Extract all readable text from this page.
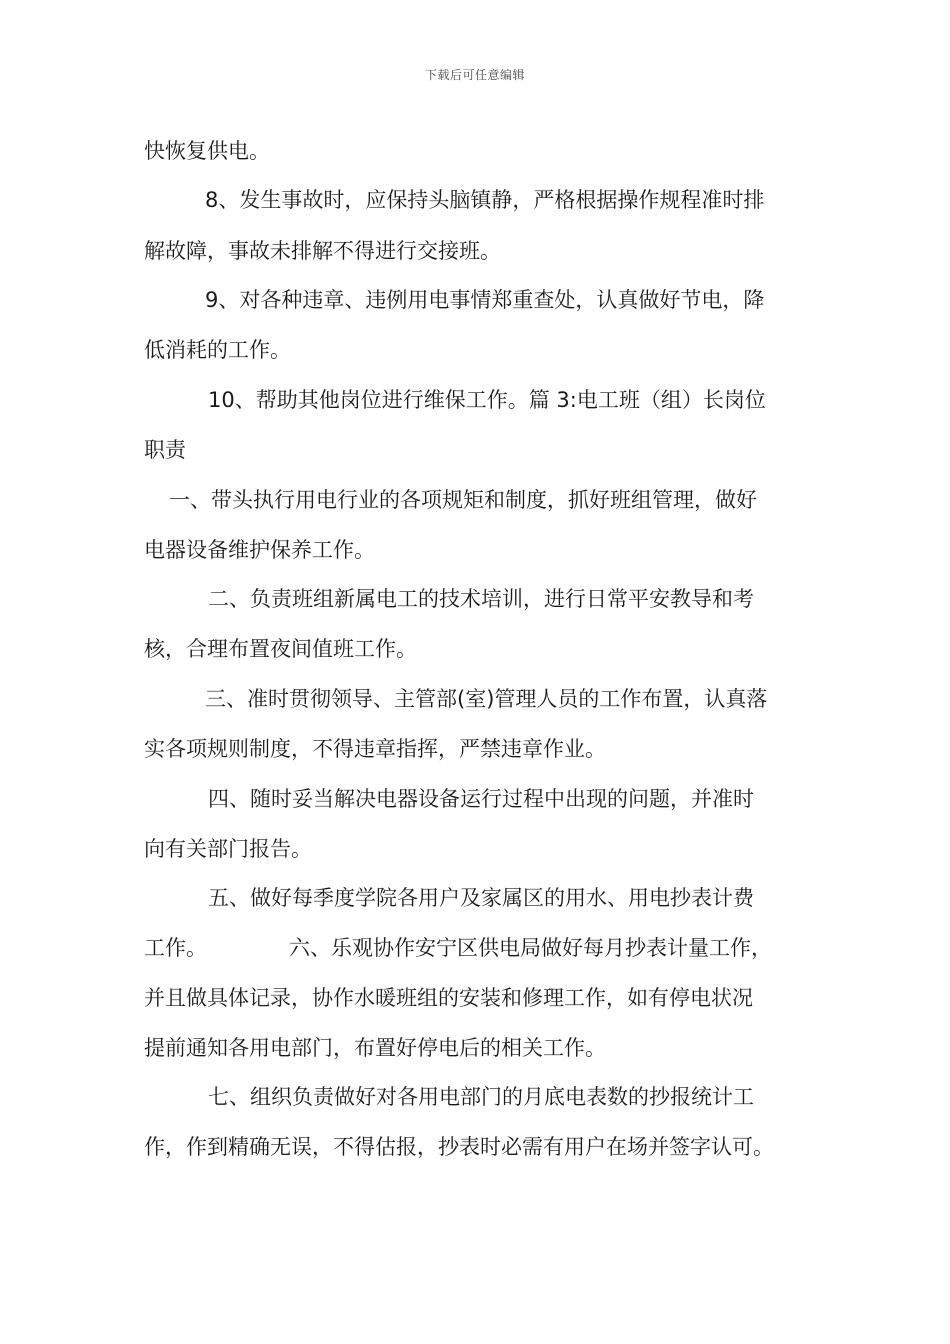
下载后可任意编辑
快恢复供电。
8、发生事故时，应保持头脑镇静，严格根据操作规程准时排
解故障，事故未排解不得进行交接班。
9、对各种违章、违例用电事情郑重查处，认真做好节电，降
低消耗的工作。
10、帮助其他岗位进行维保工作。篇 3:电工班（组）长岗位
职责
一、带头执行用电行业的各项规矩和制度，抓好班组管理，做好
电器设备维护保养工作。
二、负责班组新属电工的技术培训，进行日常平安教导和考
核，合理布置夜间值班工作。
三、准时贯彻领导、主管部(室)管理人员的工作布置，认真落
实各项规则制度，不得违章指挥，严禁违章作业。
四、随时妥当解决电器设备运行过程中出现的问题，并准时
向有关部门报告。
五、做好每季度学院各用户及家属区的用水、用电抄表计费
工作。	六、乐观协作安宁区供电局做好每月抄表计量工作，
并且做具体记录，协作水暖班组的安装和修理工作，如有停电状况
提前通知各用电部门，布置好停电后的相关工作。
七、组织负责做好对各用电部门的月底电表数的抄报统计工
作，作到精确无误，不得估报，抄表时必需有用户在场并签字认可。
